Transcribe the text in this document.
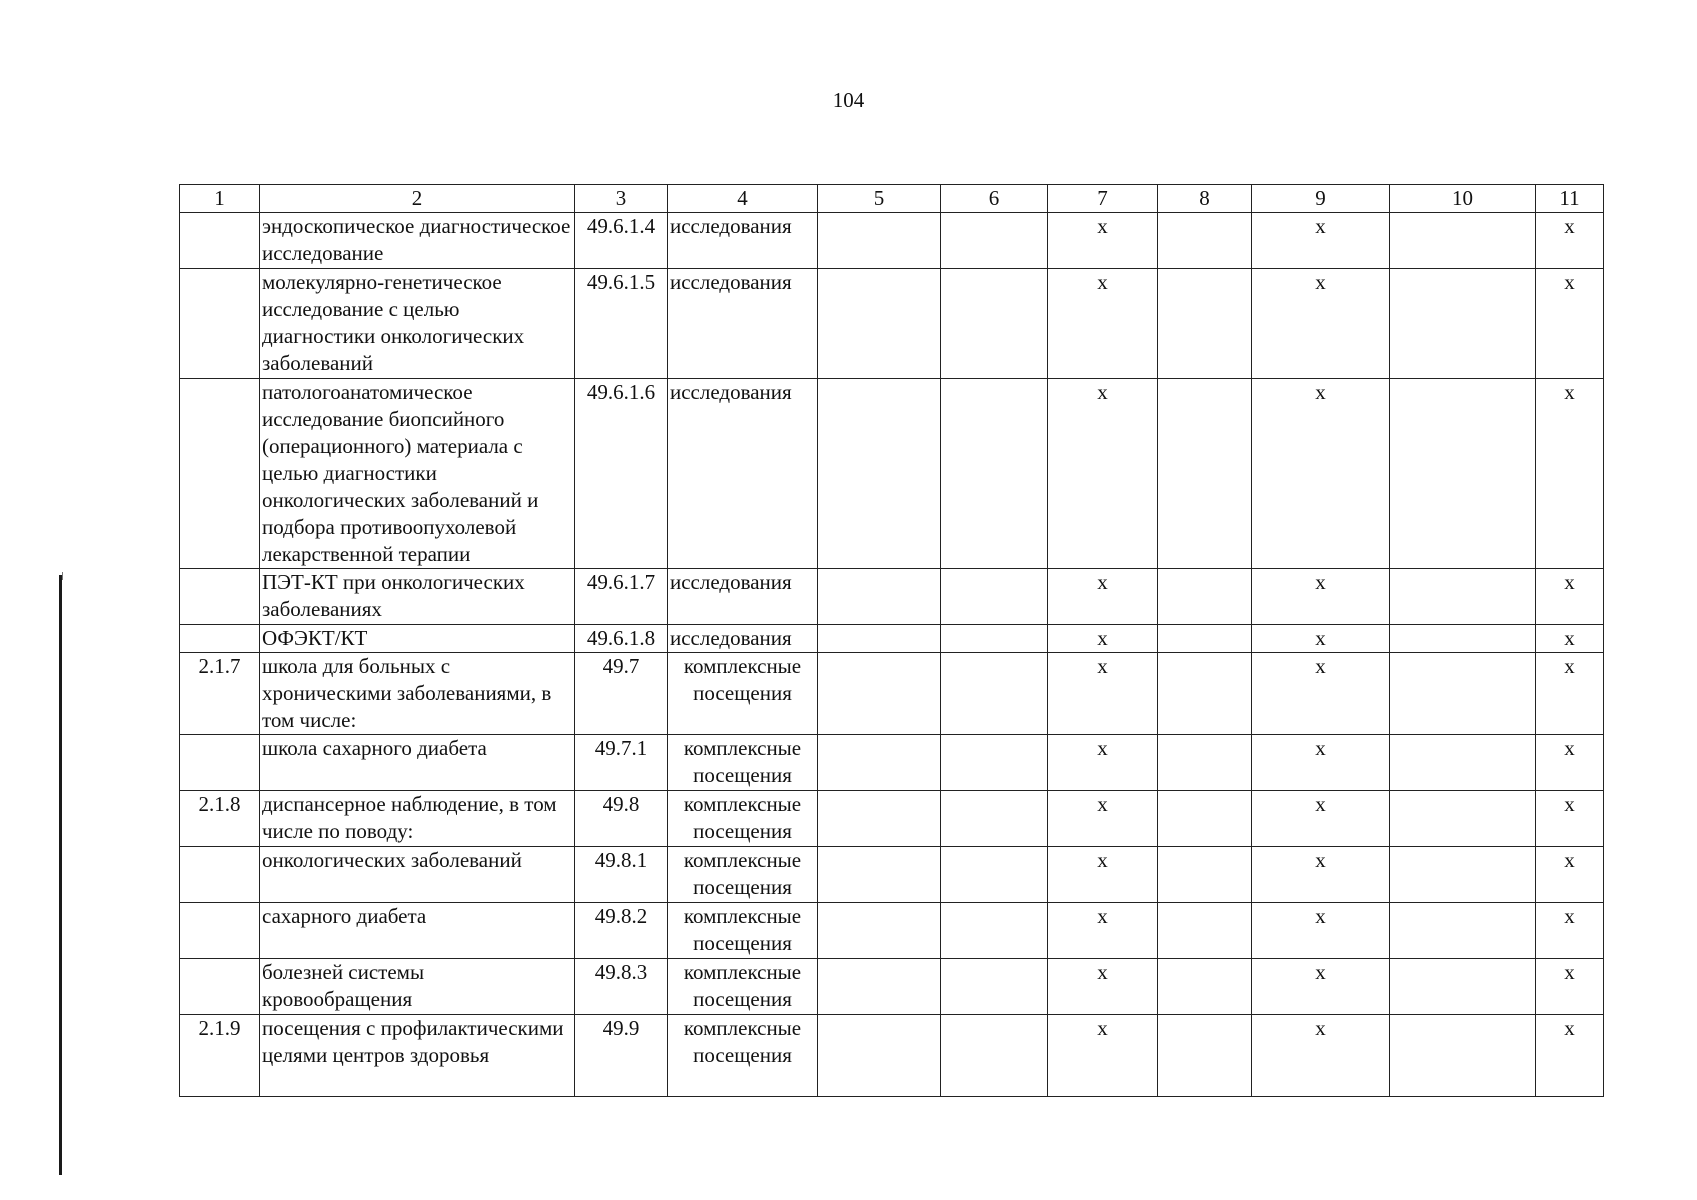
104
1	2	3	4	5	6	7	8	9	10	11
	эндоскопическое диагностическое исследование	49.6.1.4	исследования			х		х		х
	молекулярно-генетическое исследование с целью диагностики онкологических заболеваний	49.6.1.5	исследования			х		х		х
	патологоанатомическое исследование биопсийного (операционного) материала с целью диагностики онкологических заболеваний и подбора противоопухолевой лекарственной терапии	49.6.1.6	исследования			х		х		х
	ПЭТ-КТ при онкологических заболеваниях	49.6.1.7	исследования			х		х		х
	ОФЭКТ/КТ	49.6.1.8	исследования			х		х		х
2.1.7	школа для больных с хроническими заболеваниями, в том числе:	49.7	комплексные посещения			х		х		х
	школа сахарного диабета	49.7.1	комплексные посещения			х		х		х
2.1.8	диспансерное наблюдение, в том числе по поводу:	49.8	комплексные посещения			х		х		х
	онкологических заболеваний	49.8.1	комплексные посещения			х		х		х
	сахарного диабета	49.8.2	комплексные посещения			х		х		х
	болезней системы кровообращения	49.8.3	комплексные посещения			х		х		х
2.1.9	посещения с профилактическими целями центров здоровья	49.9	комплексные посещения			х		х		х
